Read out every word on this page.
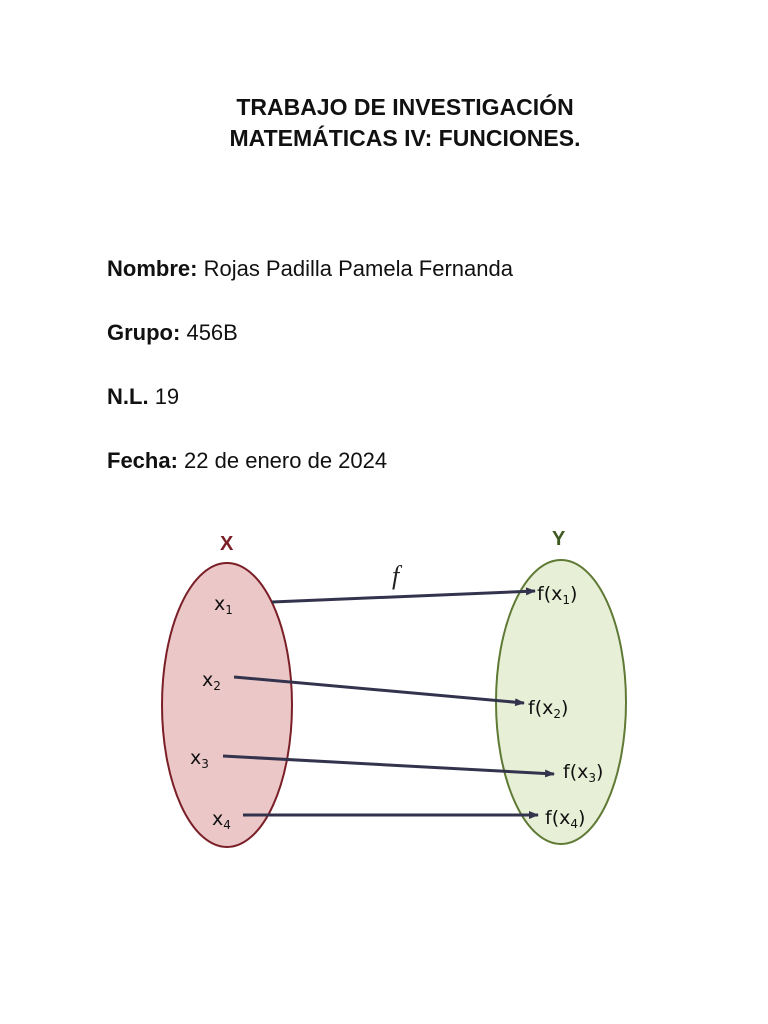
TRABAJO DE INVESTIGACIÓN
MATEMÁTICAS IV: FUNCIONES.
Nombre: Rojas Padilla Pamela Fernanda
Grupo: 456B
N.L. 19
Fecha: 22 de enero de 2024
X	Y
f
$x_1$
$x_2$
$x_3$
$x_4$
$f(x_1)$
$f(x_2)$
$f(x_3)$
$f(x_4)$
